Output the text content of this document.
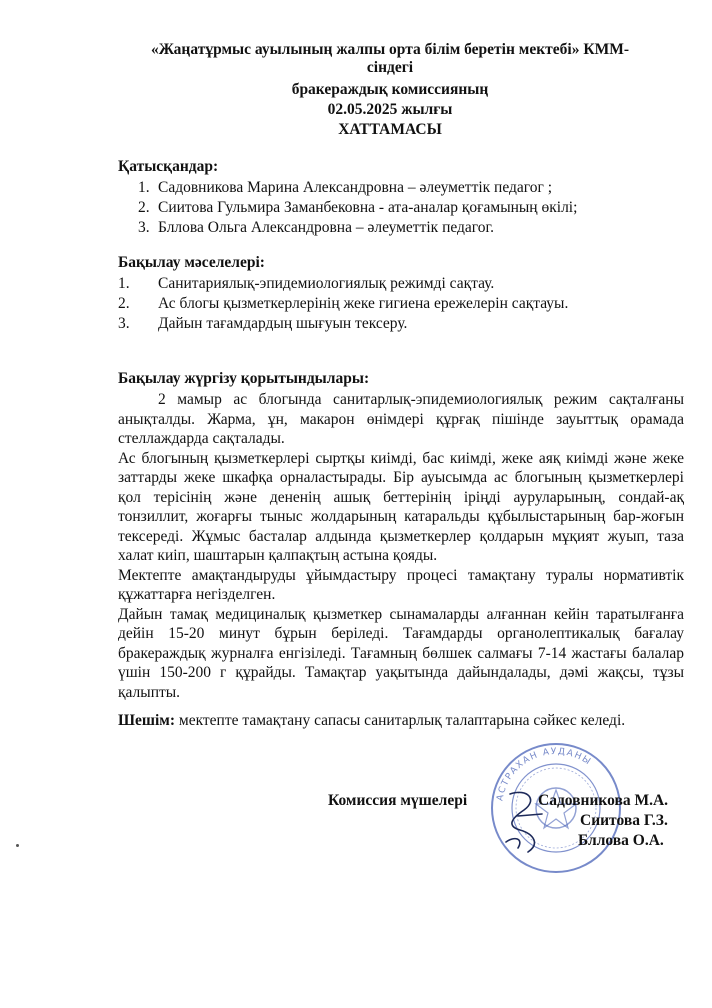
«Жаңатұрмыс ауылының жалпы орта білім беретін мектебі» КММ-
сіндегі
бракераждық комиссияның
02.05.2025 жылғы
ХАТТАМАСЫ
Қатысқандар:
1. Садовникова Марина Александровна – әлеуметтік педагог ;
2. Сиитова Гульмира Заманбековна - ата-аналар қоғамының өкілі;
3. Бллова Ольга Александровна – әлеуметтік педагог.
Бақылау мәселелері:
1.	Санитариялық-эпидемиологиялық режимді сақтау.
2.	Ас блогы қызметкерлерінің жеке гигиена ережелерін сақтауы.
3.	Дайын тағамдардың шығуын тексеру.
Бақылау жүргізу қорытындылары:

2 мамыр ас блогында санитарлық-эпидемиологиялық режим сақталғаны анықталды. Жарма, ұн, макарон өнімдері құрғақ пішінде зауыттық орамада стеллаждарда сақталады.

Ас блогының қызметкерлері сыртқы киімді, бас киімді, жеке аяқ киімді және жеке заттарды жеке шкафқа орналастырады. Бір ауысымда ас блогының қызметкерлері қол терісінің және дененің ашық беттерінің іріңді ауруларының, сондай-ақ тонзиллит, жоғарғы тыныс жолдарының катаральды құбылыстарының бар-жоғын тексереді. Жұмыс басталар алдында қызметкерлер қолдарын мұқият жуып, таза халат киіп, шаштарын қалпақтың астына қояды.

Мектепте амақтандыруды ұйымдастыру процесі тамақтану туралы нормативтік құжаттарға негізделген.

Дайын тамақ медициналық қызметкер сынамаларды алғаннан кейін таратылғанға дейін 15-20 минут бұрын беріледі. Тағамдарды органолептикалық бағалау бракераждық журналға енгізіледі. Тағамның бөлшек салмағы 7-14 жастағы балалар үшін 150-200 г құрайды. Тамақтар уақытында дайындалады, дәмі жақсы, тұзы қалыпты.

Шешім: мектепте тамақтану сапасы санитарлық талаптарына сәйкес келеді.
АСТРАХАН АУДАНЫ
Комиссия мүшелері	Садовникова М.А.
Сиитова Г.З.
Бллова О.А.
